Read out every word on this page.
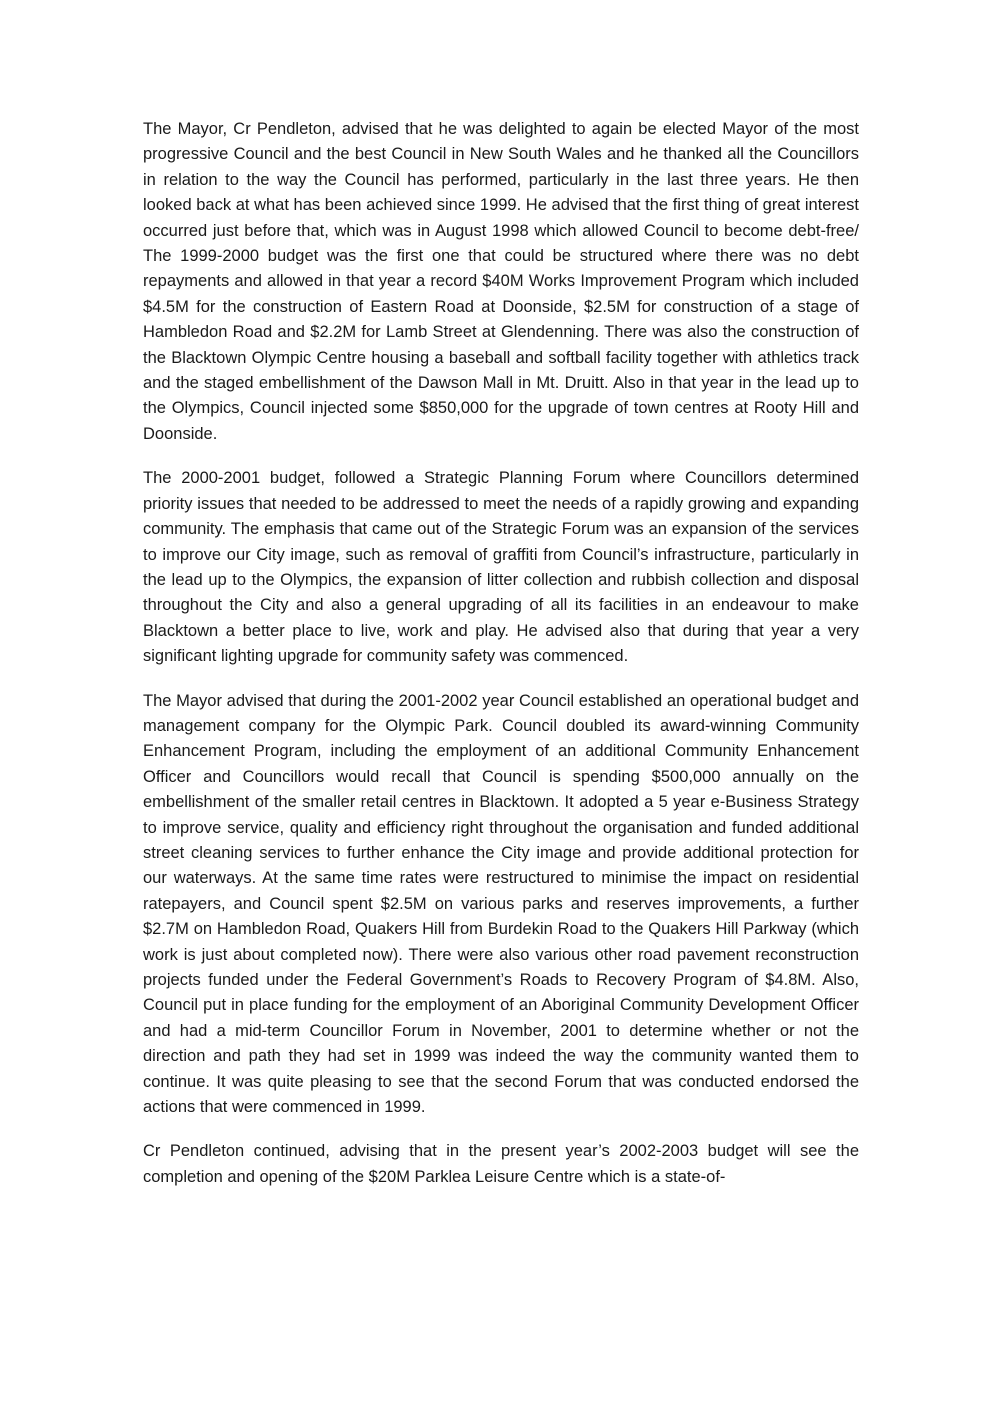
The Mayor, Cr Pendleton, advised that he was delighted to again be elected Mayor of the most progressive Council and the best Council in New South Wales and he thanked all the Councillors in relation to the way the Council has performed, particularly in the last three years. He then looked back at what has been achieved since 1999. He advised that the first thing of great interest occurred just before that, which was in August 1998 which allowed Council to become debt-free/ The 1999-2000 budget was the first one that could be structured where there was no debt repayments and allowed in that year a record $40M Works Improvement Program which included $4.5M for the construction of Eastern Road at Doonside, $2.5M for construction of a stage of Hambledon Road and $2.2M for Lamb Street at Glendenning. There was also the construction of the Blacktown Olympic Centre housing a baseball and softball facility together with athletics track and the staged embellishment of the Dawson Mall in Mt. Druitt. Also in that year in the lead up to the Olympics, Council injected some $850,000 for the upgrade of town centres at Rooty Hill and Doonside.

The 2000-2001 budget, followed a Strategic Planning Forum where Councillors determined priority issues that needed to be addressed to meet the needs of a rapidly growing and expanding community. The emphasis that came out of the Strategic Forum was an expansion of the services to improve our City image, such as removal of graffiti from Council’s infrastructure, particularly in the lead up to the Olympics, the expansion of litter collection and rubbish collection and disposal throughout the City and also a general upgrading of all its facilities in an endeavour to make Blacktown a better place to live, work and play. He advised also that during that year a very significant lighting upgrade for community safety was commenced.

The Mayor advised that during the 2001-2002 year Council established an operational budget and management company for the Olympic Park. Council doubled its award-winning Community Enhancement Program, including the employment of an additional Community Enhancement Officer and Councillors would recall that Council is spending $500,000 annually on the embellishment of the smaller retail centres in Blacktown. It adopted a 5 year e-Business Strategy to improve service, quality and efficiency right throughout the organisation and funded additional street cleaning services to further enhance the City image and provide additional protection for our waterways. At the same time rates were restructured to minimise the impact on residential ratepayers, and Council spent $2.5M on various parks and reserves improvements, a further $2.7M on Hambledon Road, Quakers Hill from Burdekin Road to the Quakers Hill Parkway (which work is just about completed now). There were also various other road pavement reconstruction projects funded under the Federal Government’s Roads to Recovery Program of $4.8M. Also, Council put in place funding for the employment of an Aboriginal Community Development Officer and had a mid-term Councillor Forum in November, 2001 to determine whether or not the direction and path they had set in 1999 was indeed the way the community wanted them to continue. It was quite pleasing to see that the second Forum that was conducted endorsed the actions that were commenced in 1999.

Cr Pendleton continued, advising that in the present year’s 2002-2003 budget will see the completion and opening of the $20M Parklea Leisure Centre which is a state-of-
